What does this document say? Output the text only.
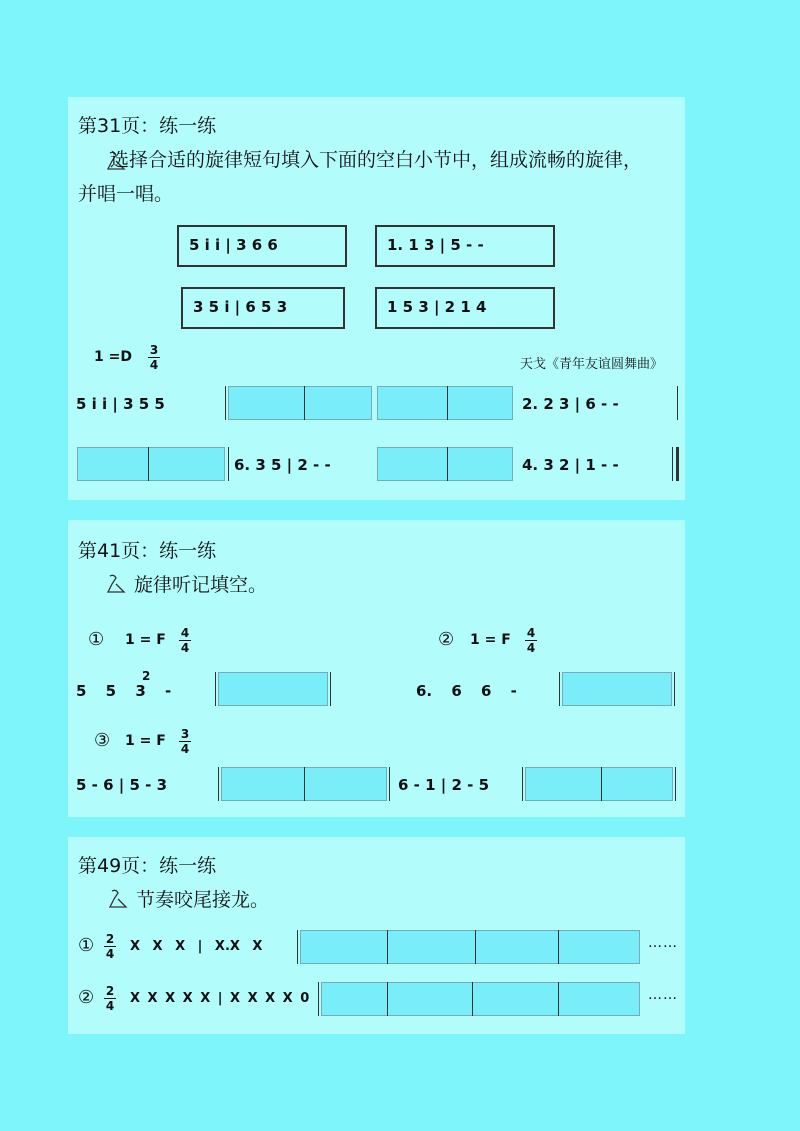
第31页：练一练
选择合适的旋律短句填入下面的空白小节中，组成流畅的旋律，并唱一唱。
5 i i | 3 6 6	1. 1 3 | 5 - -
3 5 i | 6 5 3	1 5 3 | 2 1 4
1 =D 3
4	天戈《青年友谊圆舞曲》
5 i i | 3 5 5	2. 2 3 | 6 - -
6. 3 5 | 2 - -	4. 3 2 | 1 - -
第41页：练一练
旋律听记填空。
① 1 = F 4
4
2
5 5 3 -
② 1 = F 4
4
6. 6 6 -
③ 1 = F 3
4
5 - 6 | 5 - 3	6 - 1 | 2 - 5
第49页：练一练
节奏咬尾接龙。
① 2
4 X X X | X.X X	……
② 2
4 X X X X X | X X X X 0	……
